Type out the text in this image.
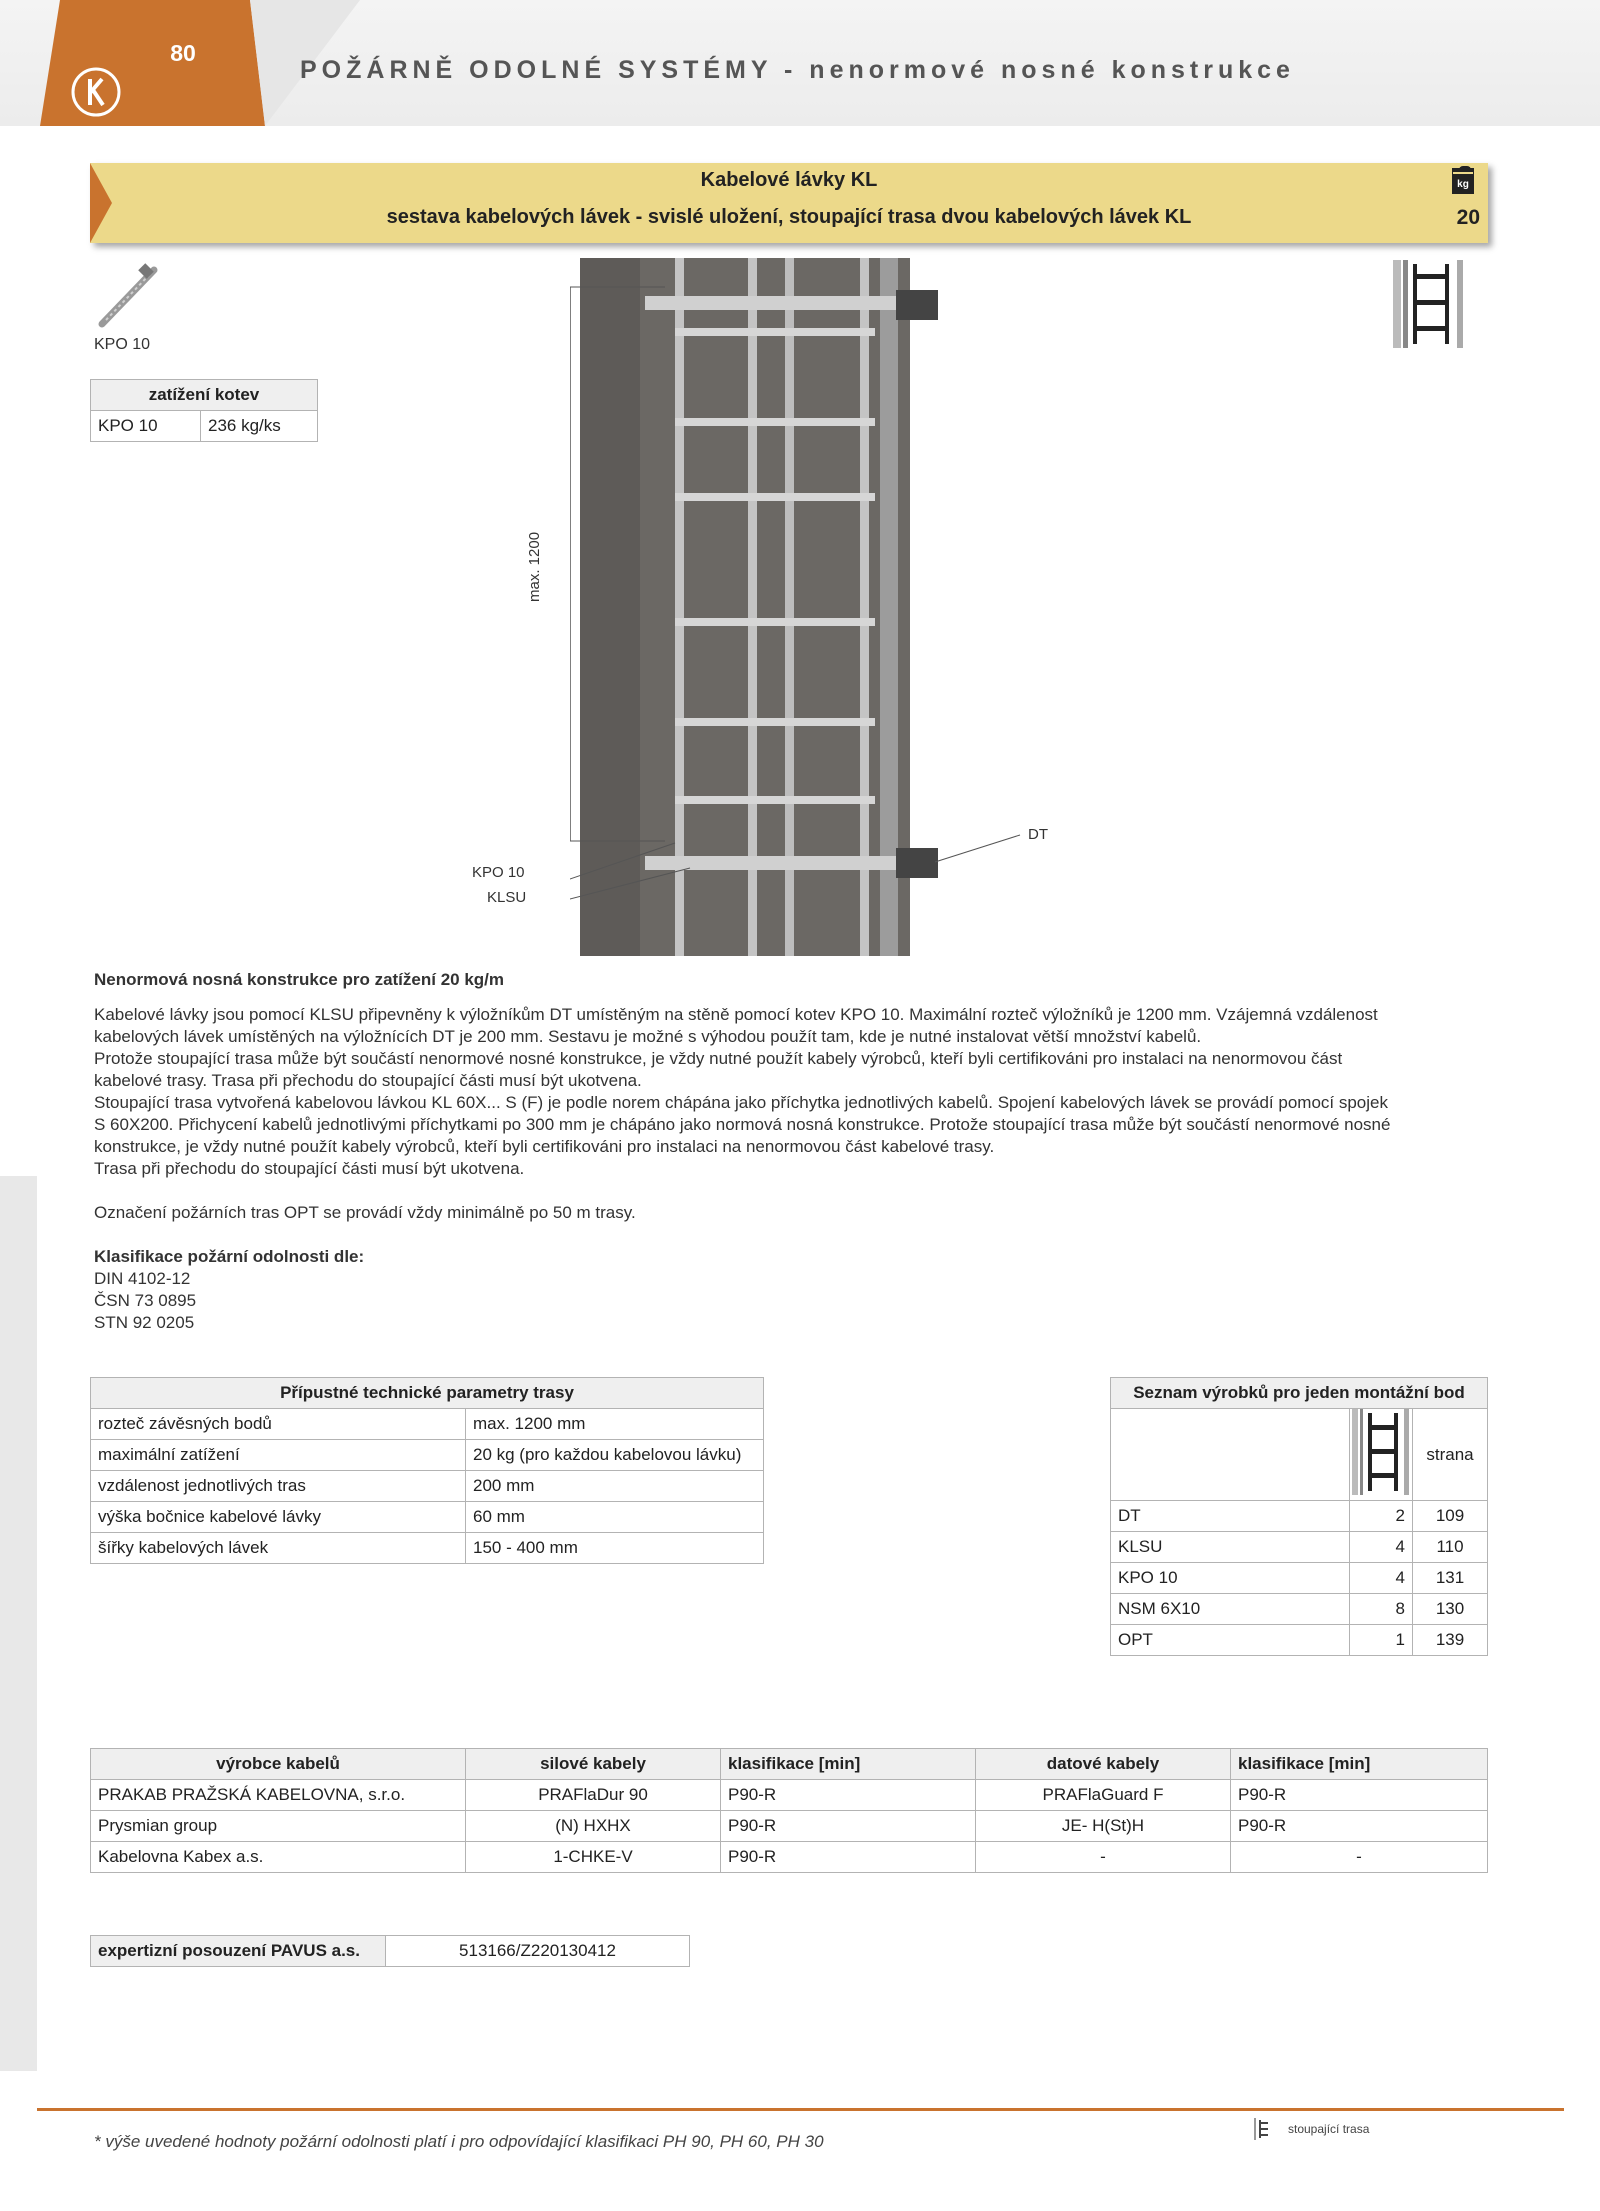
80
POŽÁRNĚ ODOLNÉ SYSTÉMY - nenormové nosné konstrukce
Kabelové lávky KL
sestava kabelových lávek - svislé uložení, stoupající trasa dvou kabelových lávek KL
kg
20
KPO 10
zatížení kotev
KPO 10	236 kg/ks
max. 1200
DT
KPO 10
KLSU
Nenormová nosná konstrukce pro zatížení 20 kg/m
Kabelové lávky jsou pomocí KLSU připevněny k výložníkům DT umístěným na stěně pomocí kotev KPO 10. Maximální rozteč výložníků je 1200 mm. Vzájemná vzdálenost
kabelových lávek umístěných na výložnících DT je 200 mm. Sestavu je možné s výhodou použít tam, kde je nutné instalovat větší množství kabelů.
Protože stoupající trasa může být součástí nenormové nosné konstrukce, je vždy nutné použít kabely výrobců, kteří byli certifikováni pro instalaci na nenormovou část
kabelové trasy. Trasa při přechodu do stoupající části musí být ukotvena.
Stoupající trasa vytvořená kabelovou lávkou KL 60X... S (F) je podle norem chápána jako příchytka jednotlivých kabelů. Spojení kabelových lávek se provádí pomocí spojek
S 60X200. Přichycení kabelů jednotlivými příchytkami po 300 mm je chápáno jako normová nosná konstrukce. Protože stoupající trasa může být součástí nenormové nosné
konstrukce, je vždy nutné použít kabely výrobců, kteří byli certifikováni pro instalaci na nenormovou část kabelové trasy.
Trasa při přechodu do stoupající části musí být ukotvena.
Označení požárních tras OPT se provádí vždy minimálně po 50 m trasy.
Klasifikace požární odolnosti dle:
DIN 4102-12
ČSN 73 0895
STN 92 0205
Přípustné technické parametry trasy	
rozteč závěsných bodů	max. 1200 mm
maximální zatížení	20 kg (pro každou kabelovou lávku)
vzdálenost jednotlivých tras	200 mm
výška bočnice kabelové lávky	60 mm
šířky kabelových lávek	150 - 400 mm
Seznam výrobků pro jeden montážní bod		
		strana
DT	2	109
KLSU	4	110
KPO 10	4	131
NSM 6X10	8	130
OPT	1	139
výrobce kabelů	silové kabely	klasifikace [min]	datové kabely	klasifikace [min]
PRAKAB PRAŽSKÁ KABELOVNA, s.r.o.	PRAFlaDur 90	P90-R	PRAFlaGuard F	P90-R
Prysmian group	(N) HXHX	P90-R	JE- H(St)H	P90-R
Kabelovna Kabex a.s.	1-CHKE-V	P90-R	-	-
expertizní posouzení PAVUS a.s.	513166/Z220130412
* výše uvedené hodnoty požární odolnosti platí i pro odpovídající klasifikaci PH 90, PH 60, PH 30
stoupající trasa
